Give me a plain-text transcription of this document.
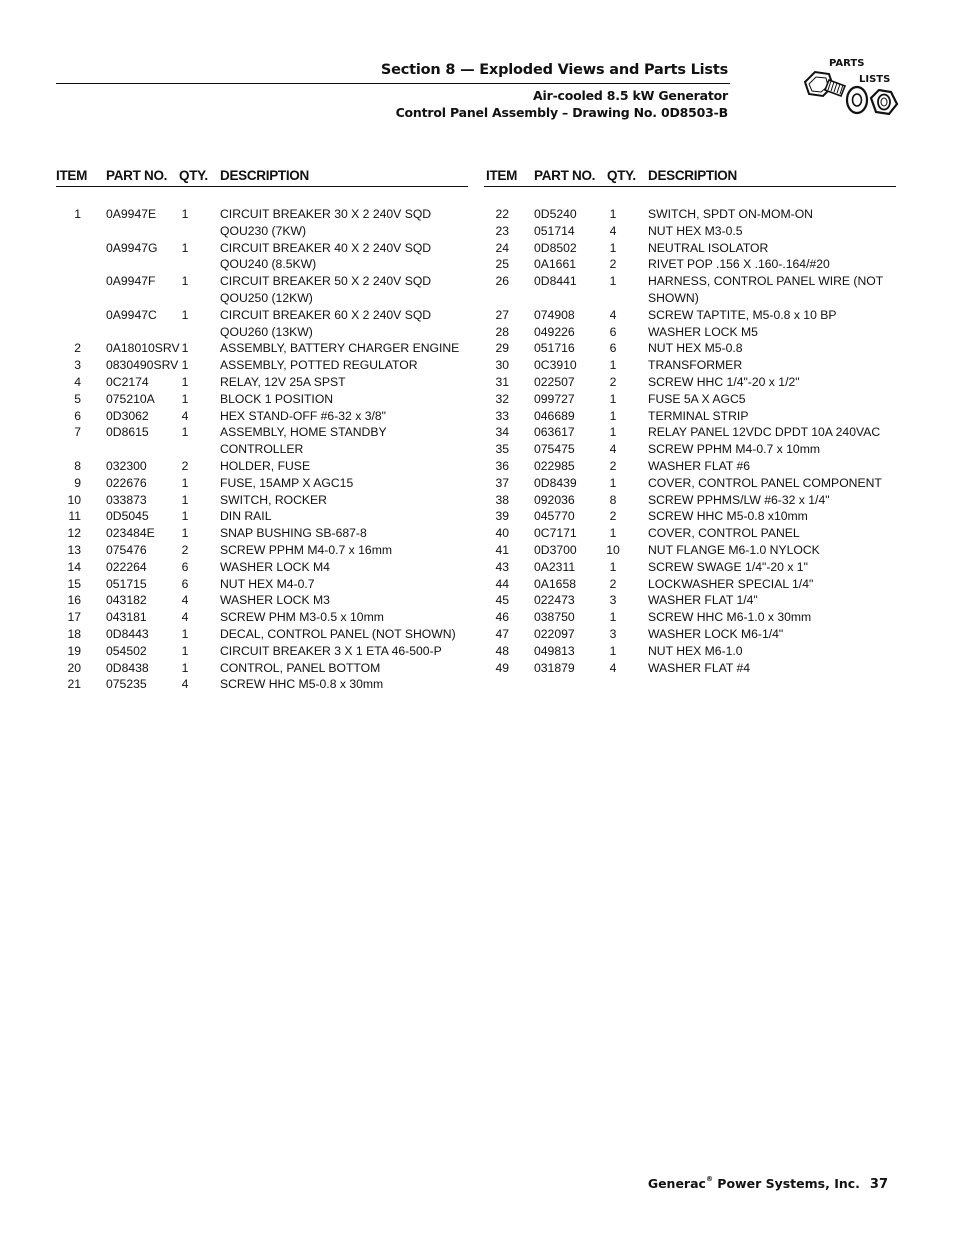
Section 8 — Exploded Views and Parts Lists
Air-cooled 8.5 kW Generator
Control Panel Assembly – Drawing No. 0D8503-B
PARTS
LISTS
ITEM PART NO. QTY. DESCRIPTION
1 0A9947E	1	CIRCUIT BREAKER 30 X 2 240V SQD QOU230 (7KW)
0A9947G	1	CIRCUIT BREAKER 40 X 2 240V SQD QOU240 (8.5KW)
0A9947F	1	CIRCUIT BREAKER 50 X 2 240V SQD QOU250 (12KW)
0A9947C	1	CIRCUIT BREAKER 60 X 2 240V SQD QOU260 (13KW)
2 0A18010SRV 1	ASSEMBLY, BATTERY CHARGER ENGINE
3 0830490SRV 1	ASSEMBLY, POTTED REGULATOR
4 0C2174	1	RELAY, 12V 25A SPST
5 075210A	1	BLOCK 1 POSITION
6 0D3062	4	HEX STAND-OFF #6-32 x 3/8"
7 0D8615	1	ASSEMBLY, HOME STANDBY CONTROLLER
8 032300	2	HOLDER, FUSE
9 022676	1	FUSE, 15AMP X AGC15
10 033873	1	SWITCH, ROCKER
11 0D5045	1	DIN RAIL
12 023484E	1	SNAP BUSHING SB-687-8
13 075476	2	SCREW PPHM M4-0.7 x 16mm
14 022264	6	WASHER LOCK M4
15 051715	6	NUT HEX M4-0.7
16 043182	4	WASHER LOCK M3
17 043181	4	SCREW PHM M3-0.5 x 10mm
18 0D8443	1	DECAL, CONTROL PANEL (NOT SHOWN)
19 054502	1	CIRCUIT BREAKER 3 X 1 ETA 46-500-P
20 0D8438	1	CONTROL, PANEL BOTTOM
21 075235	4	SCREW HHC M5-0.8 x 30mm
ITEM PART NO. QTY. DESCRIPTION
22 0D5240	1	SWITCH, SPDT ON-MOM-ON
23 051714	4	NUT HEX M3-0.5
24 0D8502	1	NEUTRAL ISOLATOR
25 0A1661	2	RIVET POP .156 X .160-.164/#20
26 0D8441	1	HARNESS, CONTROL PANEL WIRE (NOT SHOWN)
27 074908	4	SCREW TAPTITE, M5-0.8 x 10 BP
28 049226	6	WASHER LOCK M5
29 051716	6	NUT HEX M5-0.8
30 0C3910	1	TRANSFORMER
31 022507	2	SCREW HHC 1/4"-20 x 1/2"
32 099727	1	FUSE 5A X AGC5
33 046689	1	TERMINAL STRIP
34 063617	1	RELAY PANEL 12VDC DPDT 10A 240VAC
35 075475	4	SCREW PPHM M4-0.7 x 10mm
36 022985	2	WASHER FLAT #6
37 0D8439	1	COVER, CONTROL PANEL COMPONENT
38 092036	8	SCREW PPHMS/LW #6-32 x 1/4"
39 045770	2	SCREW HHC M5-0.8 x10mm
40 0C7171	1	COVER, CONTROL PANEL
41 0D3700	10	NUT FLANGE M6-1.0 NYLOCK
43 0A2311	1	SCREW SWAGE 1/4"-20 x 1"
44 0A1658	2	LOCKWASHER SPECIAL 1/4"
45 022473	3	WASHER FLAT 1/4"
46 038750	1	SCREW HHC M6-1.0 x 30mm
47 022097	3	WASHER LOCK M6-1/4"
48 049813	1	NUT HEX M6-1.0
49 031879	4	WASHER FLAT #4
Generac® Power Systems, Inc. 37
